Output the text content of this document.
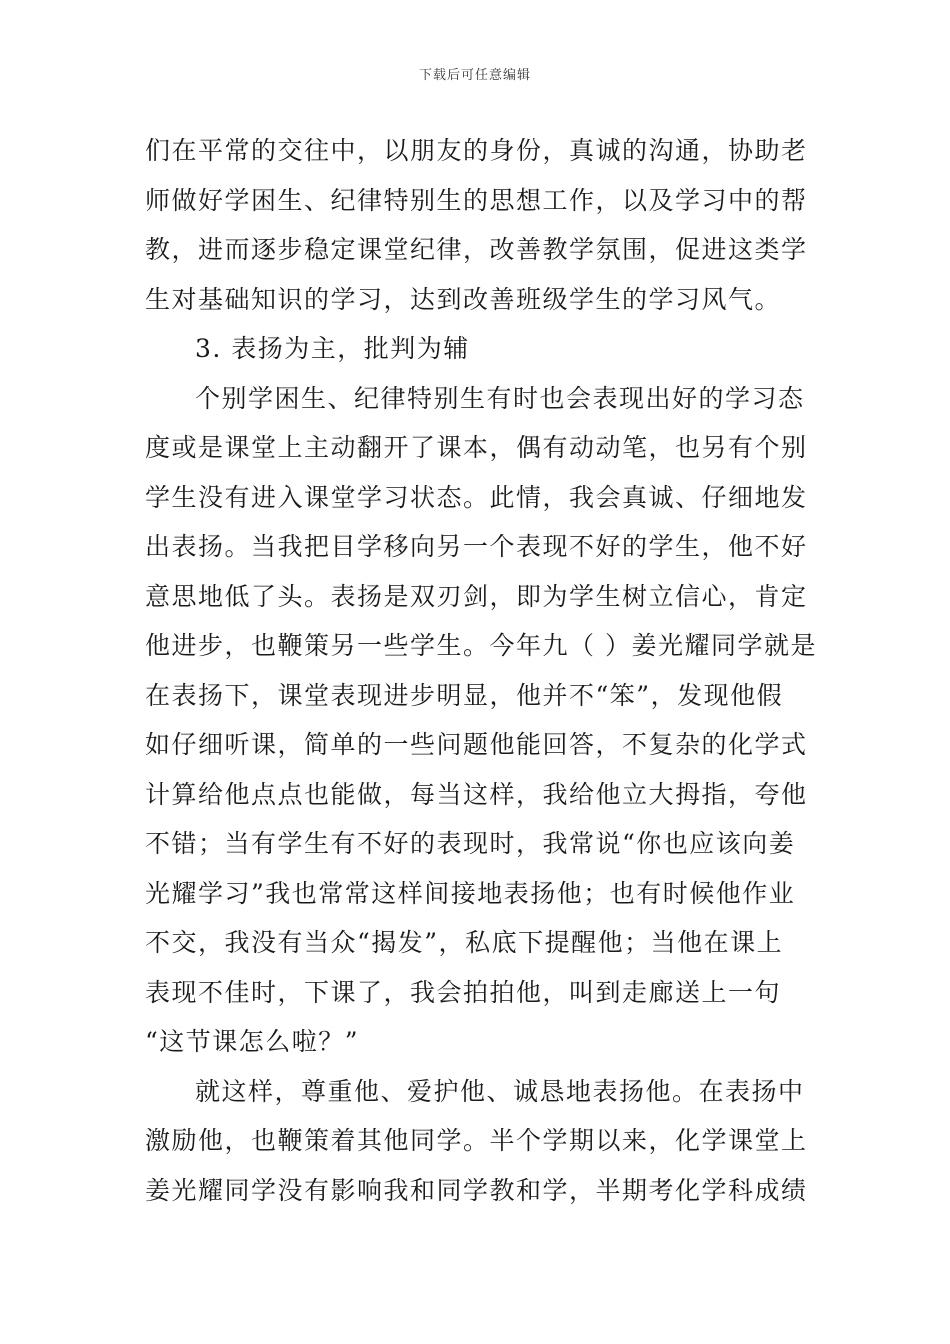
下载后可任意编辑
们在平常的交往中，以朋友的身份，真诚的沟通，协助老
师做好学困生、纪律特别生的思想工作，以及学习中的帮
教，进而逐步稳定课堂纪律，改善教学氛围，促进这类学
生对基础知识的学习，达到改善班级学生的学习风气。
3. 表扬为主，批判为辅
个别学困生、纪律特别生有时也会表现出好的学习态
度或是课堂上主动翻开了课本，偶有动动笔，也另有个别
学生没有进入课堂学习状态。此情，我会真诚、仔细地发
出表扬。当我把目学移向另一个表现不好的学生，他不好
意思地低了头。表扬是双刃剑，即为学生树立信心，肯定
他进步，也鞭策另一些学生。今年九（ ）姜光耀同学就是
在表扬下，课堂表现进步明显，他并不“笨”，发现他假
如仔细听课，简单的一些问题他能回答，不复杂的化学式
计算给他点点也能做，每当这样，我给他立大拇指，夸他
不错；当有学生有不好的表现时，我常说“你也应该向姜
光耀学习”我也常常这样间接地表扬他；也有时候他作业
不交，我没有当众“揭发”，私底下提醒他；当他在课上
表现不佳时，下课了，我会拍拍他，叫到走廊送上一句
“这节课怎么啦？”
就这样，尊重他、爱护他、诚恳地表扬他。在表扬中
激励他，也鞭策着其他同学。半个学期以来，化学课堂上
姜光耀同学没有影响我和同学教和学，半期考化学科成绩
